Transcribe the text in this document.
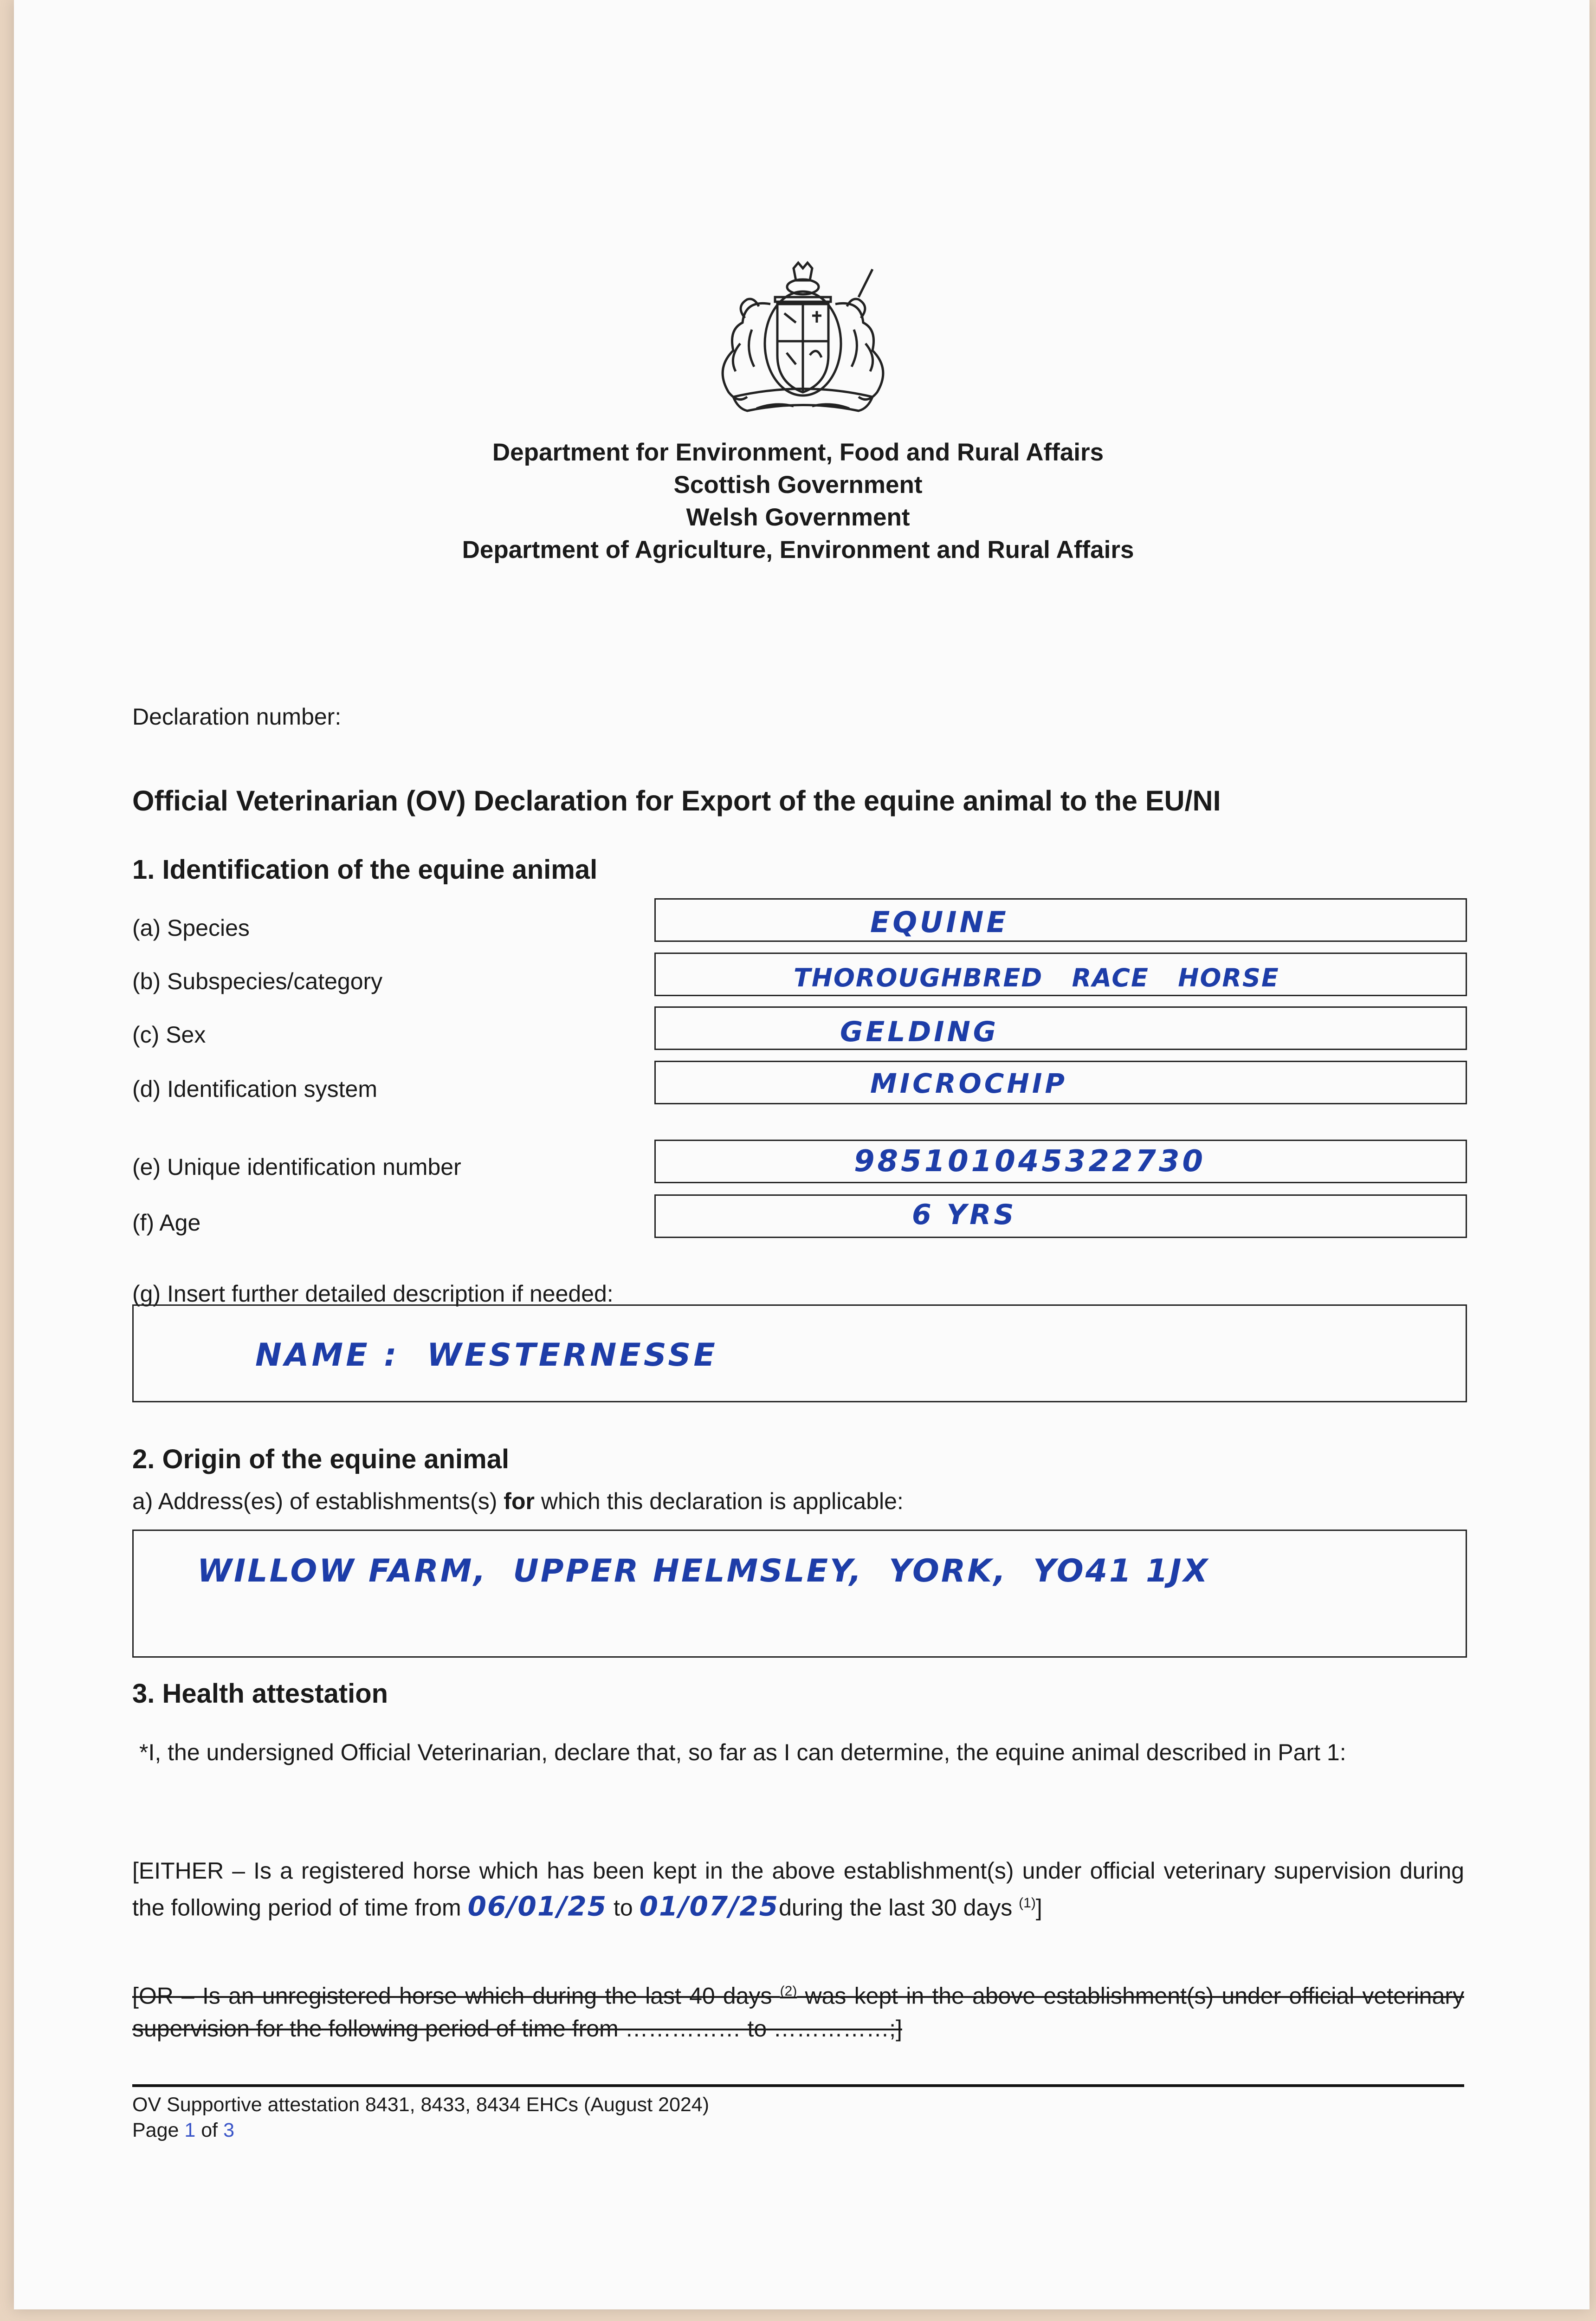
Department for Environment, Food and Rural Affairs
Scottish Government
Welsh Government
Department of Agriculture, Environment and Rural Affairs
Declaration number:
Official Veterinarian (OV) Declaration for Export of the equine animal to the EU/NI
1. Identification of the equine animal
(a) Species	EQUINE
(b) Subspecies/category	THOROUGHBRED   RACE   HORSE
(c) Sex	GELDING
(d) Identification system	MICROCHIP
(e) Unique identification number	985101045322730
(f) Age	6 YRS
(g) Insert further detailed description if needed:
NAME :  WESTERNESSE
2. Origin of the equine animal
a) Address(es) of establishments(s) for which this declaration is applicable:
WILLOW FARM,  UPPER HELMSLEY,  YORK,  YO41 1JX
3. Health attestation
*I, the undersigned Official Veterinarian, declare that, so far as I can determine, the equine animal described in Part 1:
[EITHER – Is a registered horse which has been kept in the above establishment(s) under official veterinary supervision during the following period of time from 06/01/25 to 01/07/25during the last 30 days $^{(1)}$]
[OR – Is an unregistered horse which during the last 40 days $^{(2)}$ was kept in the above establishment(s) under official veterinary supervision for the following period of time from …………… to ……………;]
OV Supportive attestation 8431, 8433, 8434 EHCs (August 2024)
Page 1 of 3
